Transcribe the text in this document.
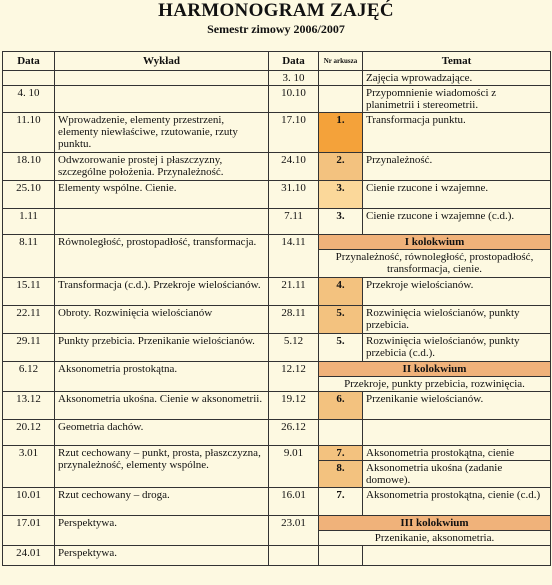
HARMONOGRAM ZAJĘĆ
Semestr zimowy 2006/2007
Data	Wykład	Data	Nr arkusza	Temat
		3. 10		Zajęcia wprowadzające.
4. 10		10.10		Przypomnienie wiadomości z planimetrii i stereometrii.
11.10	Wprowadzenie, elementy przestrzeni, elementy niewłaściwe, rzutowanie, rzuty punktu.	17.10	1.	Transformacja punktu.
18.10	Odwzorowanie prostej i płaszczyzny, szczególne położenia. Przynależność.	24.10	2.	Przynależność.
25.10	Elementy wspólne. Cienie.	31.10	3.	Cienie rzucone i wzajemne.
1.11		7.11	3.	Cienie rzucone i wzajemne (c.d.).
8.11	Równoległość, prostopadłość, transformacja.	14.11	I kolokwium	
			Przynależność, równoległość, prostopadłość, transformacja, cienie.	
15.11	Transformacja (c.d.). Przekroje wielościanów.	21.11	4.	Przekroje wielościanów.
22.11	Obroty. Rozwinięcia wielościanów	28.11	5.	Rozwinięcia wielościanów, punkty przebicia.
29.11	Punkty przebicia. Przenikanie wielościanów.	5.12	5.	Rozwinięcia wielościanów, punkty przebicia (c.d.).
6.12	Aksonometria prostokątna.	12.12	II kolokwium	
			Przekroje, punkty przebicia, rozwinięcia.	
13.12	Aksonometria ukośna. Cienie w aksonometrii.	19.12	6.	Przenikanie wielościanów.
20.12	Geometria dachów.	26.12		
3.01	Rzut cechowany – punkt, prosta, płaszczyzna, przynależność, elementy wspólne.	9.01	7.	Aksonometria prostokątna, cienie
			8.	Aksonometria ukośna (zadanie domowe).
10.01	Rzut cechowany – droga.	16.01	7.	Aksonometria prostokątna, cienie (c.d.)
17.01	Perspektywa.	23.01	III kolokwium	
			Przenikanie, aksonometria.	
24.01	Perspektywa.			
